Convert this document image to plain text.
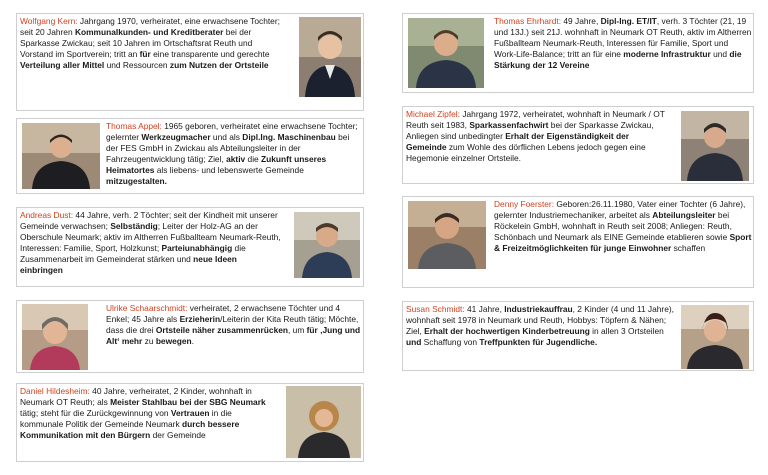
Wolfgang Kern: Jahrgang 1970, verheiratet, eine erwachsene Tochter; seit 20 Jahren Kommunalkunden- und Kreditberater bei der Sparkasse Zwickau; seit 10 Jahren im Ortschaftsrat Reuth und Vorstand im Sportverein; tritt an für eine transparente und gerechte Verteilung aller Mittel und Ressourcen zum Nutzen der Ortsteile
Thomas Appel: 1965 geboren, verheiratet eine erwachsene Tochter; gelernter Werkzeugmacher und als Dipl.Ing. Maschinenbau bei der FES GmbH in Zwickau als Abteilungsleiter in der Fahrzeugentwicklung tätig; Ziel, aktiv die Zukunft unseres Heimatortes als liebens- und lebenswerte Gemeinde mitzugestalten.
Andreas Dust: 44 Jahre, verh. 2 Töchter; seit der Kindheit mit unserer Gemeinde verwachsen; Selbständig; Leiter der Holz-AG an der Oberschule Neumark; aktiv im Altherren Fußballteam Neumark-Reuth, Interessen: Familie, Sport, Holzkunst; Parteiunabhängig die Zusammenarbeit im Gemeinderat stärken und neue Ideen einbringen
Ulrike Schaarschmidt: verheiratet, 2 erwachsene Töchter und 4 Enkel; 45 Jahre als Erzieherin/Leiterin der Kita Reuth tätig; Möchte, dass die drei Ortsteile näher zusammenrücken, um für ‚Jung und Alt‘ mehr zu bewegen.
Daniel Hildesheim: 40 Jahre, verheiratet, 2 Kinder, wohnhaft in Neumark OT Reuth; als Meister Stahlbau bei der SBG Neumark tätig; steht für die Zurückgewinnung von Vertrauen in die kommunale Politik der Gemeinde Neumark durch bessere Kommunikation mit den Bürgern der Gemeinde
Thomas Ehrhardt: 49 Jahre, Dipl-Ing. ET/IT, verh. 3 Töchter (21, 19 und 13J.) seit 21J. wohnhaft in Neumark OT Reuth, aktiv im Altherren Fußballteam Neumark-Reuth, Interessen für Familie, Sport und Work-Life-Balance; tritt an für eine moderne Infrastruktur und die Stärkung der 12 Vereine
Michael Zipfel: Jahrgang 1972, verheiratet, wohnhaft in Neumark / OT Reuth seit 1983, Sparkassenfachwirt bei der Sparkasse Zwickau, Anliegen sind unbedingter Erhalt der Eigenständigkeit der Gemeinde zum Wohle des dörflichen Lebens jedoch gegen eine Hegemonie einzelner Ortsteile.
Denny Foerster: Geboren:26.11.1980, Vater einer Tochter (6 Jahre), gelernter Industriemechaniker, arbeitet als Abteilungsleiter bei Röckelein GmbH, wohnhaft in Reuth seit 2008; Anliegen: Reuth, Schönbach und Neumark als EINE Gemeinde etablieren sowie Sport & Freizeitmöglichkeiten für junge Einwohner schaffen
Susan Schmidt: 41 Jahre, Industriekauffrau, 2 Kinder (4 und 11 Jahre), wohnhaft seit 1978 in Neumark und Reuth, Hobbys: Töpfern & Nähen; Ziel, Erhalt der hochwertigen Kinderbetreuung in allen 3 Ortsteilen und Schaffung von Treffpunkten für Jugendliche.
